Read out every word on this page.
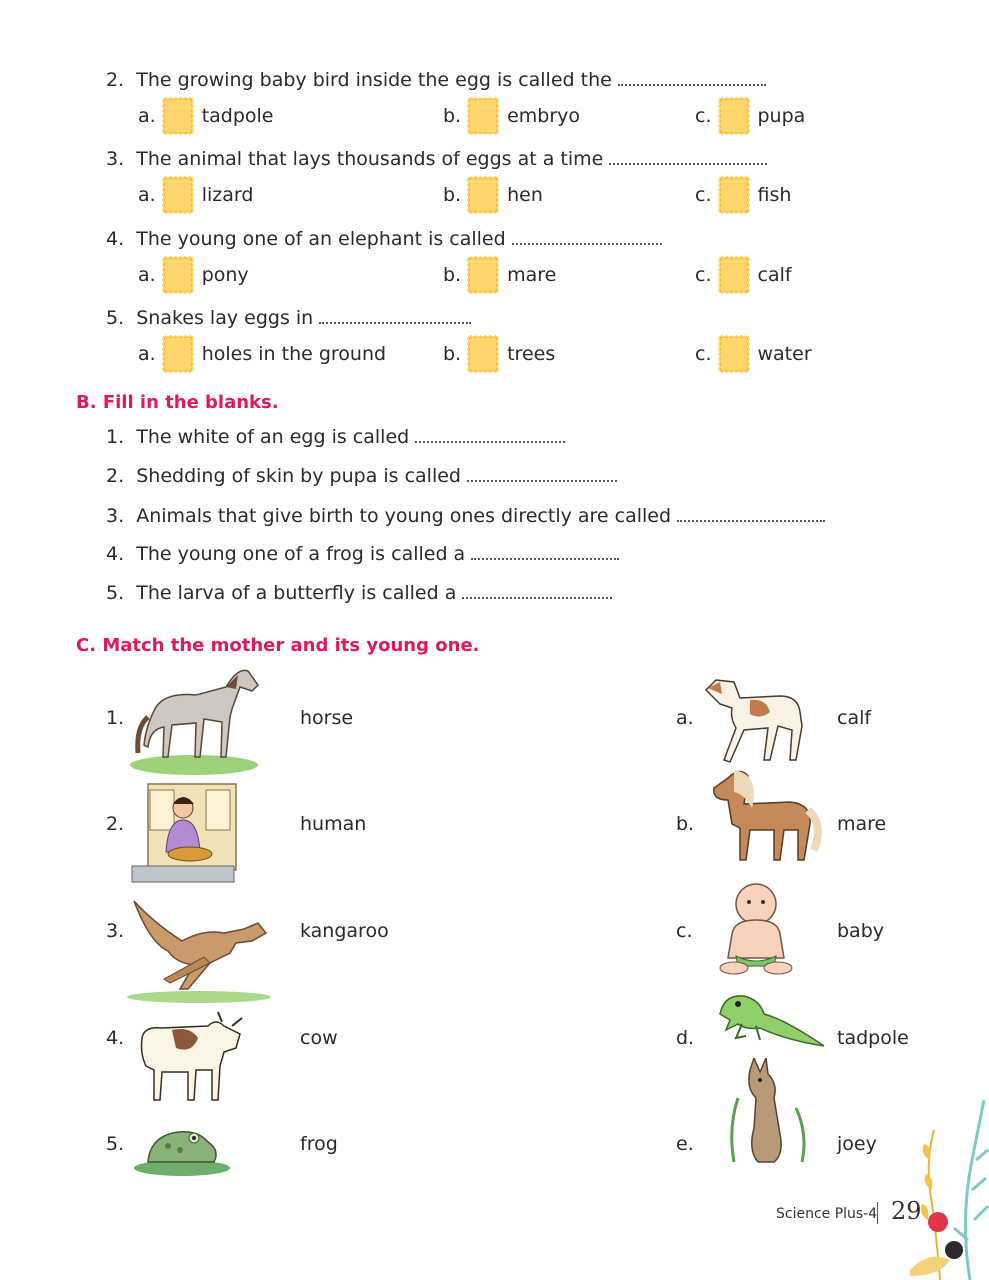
2. The growing baby bird inside the egg is called the
a. tadpole	b. embryo	c. pupa
3. The animal that lays thousands of eggs at a time
a. lizard	b. hen	c. fish
4. The young one of an elephant is called
a. pony	b. mare	c. calf
5. Snakes lay eggs in
a. holes in the ground	b. trees	c. water
B. Fill in the blanks.
1. The white of an egg is called
2. Shedding of skin by pupa is called
3. Animals that give birth to young ones directly are called
4. The young one of a frog is called a
5. The larva of a butterfly is called a
C. Match the mother and its young one.
1.	horse
2.	human
3.	kangaroo
4.	cow
5.	frog
a.	calf
b.	mare
c.	baby
d.	tadpole
e.	joey
Science Plus-4 29
